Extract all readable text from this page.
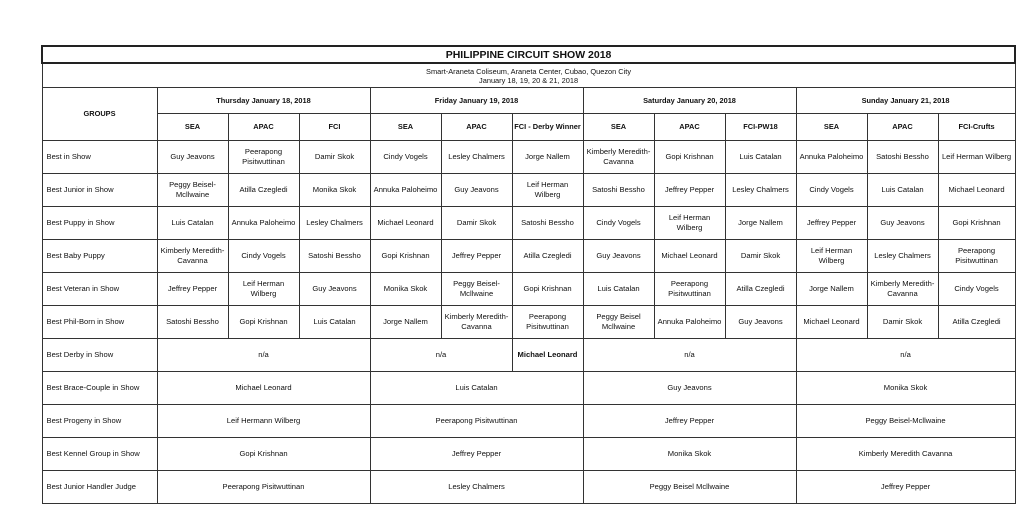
PHILIPPINE CIRCUIT SHOW 2018												

Smart-Araneta Coliseum, Araneta Center, Cubao, Quezon City
January 18, 19, 20 & 21, 2018												

GROUPS	Thursday January 18, 2018			Friday January 19, 2018			Saturday January 20, 2018			Sunday January 21, 2018		
	SEA	APAC	FCI	SEA	APAC	FCI - Derby Winner	SEA	APAC	FCI-PW18	SEA	APAC	FCI-Crufts
Best in Show	Guy Jeavons	Peerapong Pisitwuttinan	Damir Skok	Cindy Vogels	Lesley Chalmers	Jorge Nallem	Kimberly Meredith-Cavanna	Gopi Krishnan	Luis Catalan	Annuka Paloheimo	Satoshi Bessho	Leif Herman Wilberg
Best Junior in Show	Peggy Beisel-Mcllwaine	Atilla Czegledi	Monika Skok	Annuka Paloheimo	Guy Jeavons	Leif Herman Wilberg	Satoshi Bessho	Jeffrey Pepper	Lesley Chalmers	Cindy Vogels	Luis Catalan	Michael Leonard
Best Puppy in Show	Luis Catalan	Annuka Paloheimo	Lesley Chalmers	Michael Leonard	Damir Skok	Satoshi Bessho	Cindy Vogels	Leif Herman Wilberg	Jorge Nallem	Jeffrey Pepper	Guy Jeavons	Gopi Krishnan
Best Baby Puppy	Kimberly Meredith-Cavanna	Cindy Vogels	Satoshi Bessho	Gopi Krishnan	Jeffrey Pepper	Atilla Czegledi	Guy Jeavons	Michael Leonard	Damir Skok	Leif Herman Wilberg	Lesley Chalmers	Peerapong Pisitwuttinan
Best Veteran in Show	Jeffrey Pepper	Leif Herman Wilberg	Guy Jeavons	Monika Skok	Peggy Beisel-Mcllwaine	Gopi Krishnan	Luis Catalan	Peerapong Pisitwuttinan	Atilla Czegledi	Jorge Nallem	Kimberly Meredith-Cavanna	Cindy Vogels
Best Phil-Born in Show	Satoshi Bessho	Gopi Krishnan	Luis Catalan	Jorge Nallem	Kimberly Meredith-Cavanna	Peerapong Pisitwuttinan	Peggy Beisel Mcllwaine	Annuka Paloheimo	Guy Jeavons	Michael Leonard	Damir Skok	Atilla Czegledi
Best Derby in Show	n/a			n/a		Michael Leonard	n/a			n/a		
Best Brace-Couple in Show	Michael Leonard			Luis Catalan			Guy Jeavons			Monika Skok		
Best Progeny in Show	Leif Hermann Wilberg			Peerapong Pisitwuttinan			Jeffrey Pepper			Peggy Beisel-Mcllwaine		
Best Kennel Group in Show	Gopi Krishnan			Jeffrey Pepper			Monika Skok			Kimberly Meredith Cavanna		
Best Junior Handler Judge	Peerapong Pisitwuttinan			Lesley Chalmers			Peggy Beisel Mcllwaine			Jeffrey Pepper		
